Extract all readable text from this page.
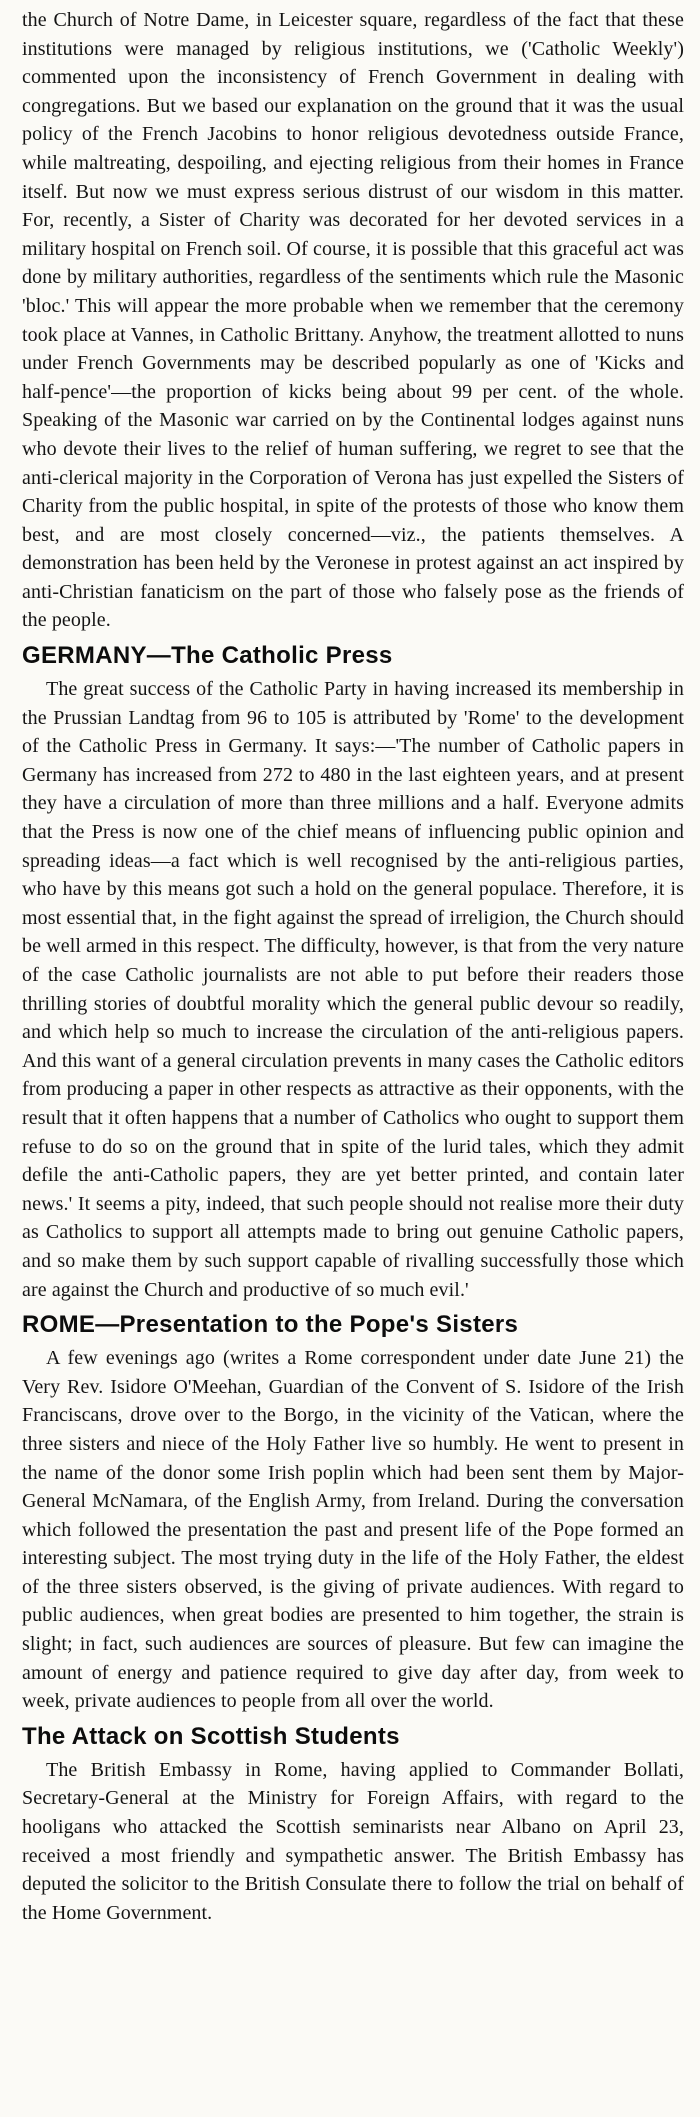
the Church of Notre Dame, in Leicester square, regardless of the fact that these institutions were managed by religious institutions, we ('Catholic Weekly') commented upon the inconsistency of French Government in dealing with congregations. But we based our explanation on the ground that it was the usual policy of the French Jacobins to honor religious devotedness outside France, while maltreating, despoiling, and ejecting religious from their homes in France itself. But now we must express serious distrust of our wisdom in this matter. For, recently, a Sister of Charity was decorated for her devoted services in a military hospital on French soil. Of course, it is possible that this graceful act was done by military authorities, regardless of the sentiments which rule the Masonic 'bloc.' This will appear the more probable when we remember that the ceremony took place at Vannes, in Catholic Brittany. Anyhow, the treatment allotted to nuns under French Governments may be described popularly as one of 'Kicks and half-pence'—the proportion of kicks being about 99 per cent. of the whole. Speaking of the Masonic war carried on by the Continental lodges against nuns who devote their lives to the relief of human suffering, we regret to see that the anti-clerical majority in the Corporation of Verona has just expelled the Sisters of Charity from the public hospital, in spite of the protests of those who know them best, and are most closely concerned—viz., the patients themselves. A demonstration has been held by the Veronese in protest against an act inspired by anti-Christian fanaticism on the part of those who falsely pose as the friends of the people.

GERMANY—The Catholic Press

The great success of the Catholic Party in having increased its membership in the Prussian Landtag from 96 to 105 is attributed by 'Rome' to the development of the Catholic Press in Germany. It says:—'The number of Catholic papers in Germany has increased from 272 to 480 in the last eighteen years, and at present they have a circulation of more than three millions and a half. Everyone admits that the Press is now one of the chief means of influencing public opinion and spreading ideas—a fact which is well recognised by the anti-religious parties, who have by this means got such a hold on the general populace. Therefore, it is most essential that, in the fight against the spread of irreligion, the Church should be well armed in this respect. The difficulty, however, is that from the very nature of the case Catholic journalists are not able to put before their readers those thrilling stories of doubtful morality which the general public devour so readily, and which help so much to increase the circulation of the anti-religious papers. And this want of a general circulation prevents in many cases the Catholic editors from producing a paper in other respects as attractive as their opponents, with the result that it often happens that a number of Catholics who ought to support them refuse to do so on the ground that in spite of the lurid tales, which they admit defile the anti-Catholic papers, they are yet better printed, and contain later news.' It seems a pity, indeed, that such people should not realise more their duty as Catholics to support all attempts made to bring out genuine Catholic papers, and so make them by such support capable of rivalling successfully those which are against the Church and productive of so much evil.'

ROME—Presentation to the Pope's Sisters

A few evenings ago (writes a Rome correspondent under date June 21) the Very Rev. Isidore O'Meehan, Guardian of the Convent of S. Isidore of the Irish Franciscans, drove over to the Borgo, in the vicinity of the Vatican, where the three sisters and niece of the Holy Father live so humbly. He went to present in the name of the donor some Irish poplin which had been sent them by Major-General McNamara, of the English Army, from Ireland. During the conversation which followed the presentation the past and present life of the Pope formed an interesting subject. The most trying duty in the life of the Holy Father, the eldest of the three sisters observed, is the giving of private audiences. With regard to public audiences, when great bodies are presented to him together, the strain is slight; in fact, such audiences are sources of pleasure. But few can imagine the amount of energy and patience required to give day after day, from week to week, private audiences to people from all over the world.

The Attack on Scottish Students

The British Embassy in Rome, having applied to Commander Bollati, Secretary-General at the Ministry for Foreign Affairs, with regard to the hooligans who attacked the Scottish seminarists near Albano on April 23, received a most friendly and sympathetic answer. The British Embassy has deputed the solicitor to the British Consulate there to follow the trial on behalf of the Home Government.
